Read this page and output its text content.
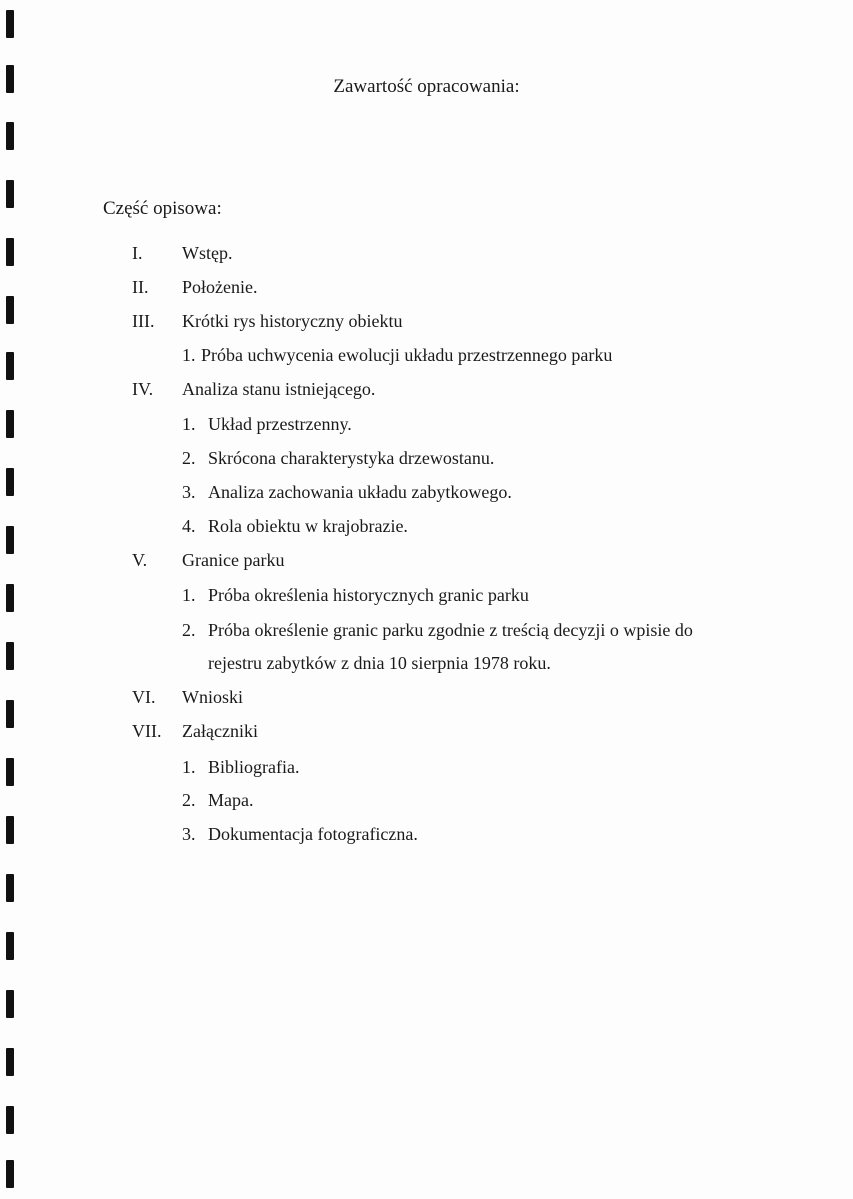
Zawartość opracowania:
Część opisowa:
I. Wstęp.
II. Położenie.
III. Krótki rys historyczny obiektu
1. Próba uchwycenia ewolucji układu przestrzennego parku
IV. Analiza stanu istniejącego.
1. Układ przestrzenny.
2. Skrócona charakterystyka drzewostanu.
3. Analiza zachowania układu zabytkowego.
4. Rola obiektu w krajobrazie.
V. Granice parku
1. Próba określenia historycznych granic parku
2. Próba określenie granic parku zgodnie z treścią decyzji o wpisie do
rejestru zabytków z dnia 10 sierpnia 1978 roku.
VI. Wnioski
VII. Załączniki
1. Bibliografia.
2. Mapa.
3. Dokumentacja fotograficzna.
